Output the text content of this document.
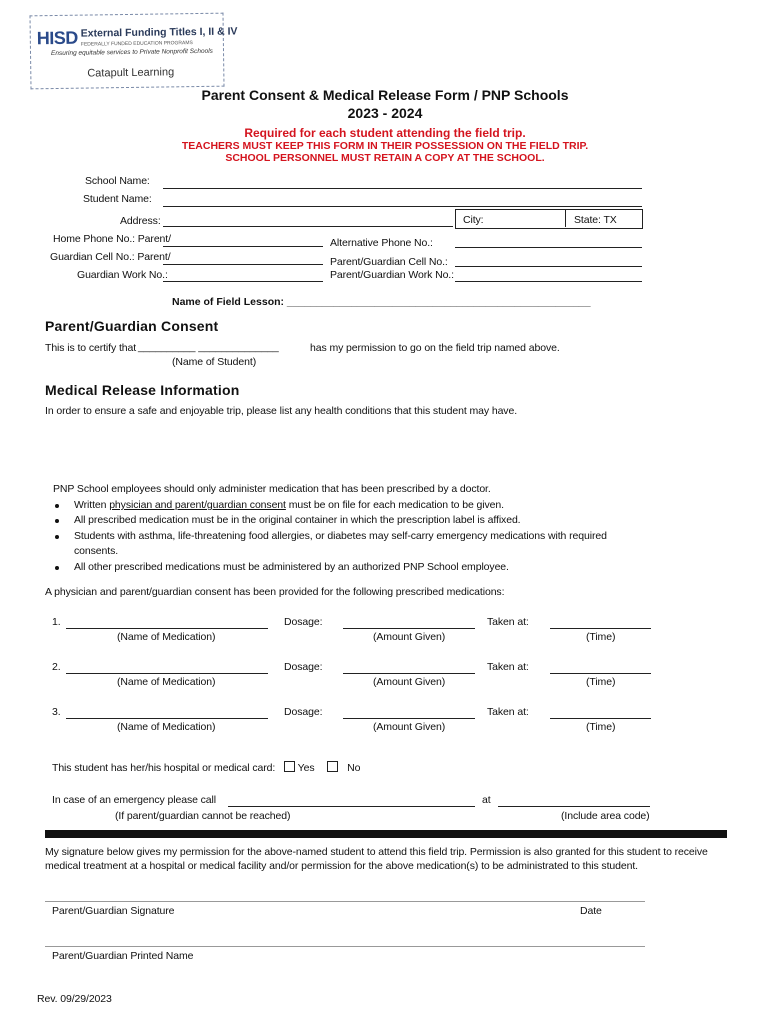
HISD External Funding Titles I, II & IV
FEDERALLY FUNDED EDUCATION PROGRAMS
Ensuring equitable services to Private Nonprofit Schools
Catapult Learning
Parent Consent & Medical Release Form / PNP Schools
2023 - 2024
Required for each student attending the field trip.
TEACHERS MUST KEEP THIS FORM IN THEIR POSSESSION ON THE FIELD TRIP.
SCHOOL PERSONNEL MUST RETAIN A COPY AT THE SCHOOL.
School Name:
Student Name:
Address:	City:	State: TX
Home Phone No.: Parent/	Alternative Phone No.:
Guardian Cell No.: Parent/	Parent/Guardian Cell No.:
Guardian Work No.:	Parent/Guardian Work No.:
Name of Field Lesson: ____________________________________________________
Parent/Guardian Consent
This is to certify that __________ ______________	has my permission to go on the field trip named above.
(Name of Student)
Medical Release Information
In order to ensure a safe and enjoyable trip, please list any health conditions that this student may have.
PNP School employees should only administer medication that has been prescribed by a doctor.
Written physician and parent/guardian consent must be on file for each medication to be given.
All prescribed medication must be in the original container in which the prescription label is affixed.
Students with asthma, life-threatening food allergies, or diabetes may self-carry emergency medications with required
consents.
All other prescribed medications must be administered by an authorized PNP School employee.
A physician and parent/guardian consent has been provided for the following prescribed medications:
1.	Dosage:	Taken at:
(Name of Medication)	(Amount Given)	(Time)
2.	Dosage:	Taken at:
(Name of Medication)	(Amount Given)	(Time)
3.	Dosage:	Taken at:
(Name of Medication)	(Amount Given)	(Time)
This student has her/his hospital or medical card: Yes	No
In case of an emergency please call	at
(If parent/guardian cannot be reached)	(Include area code)
My signature below gives my permission for the above-named student to attend this field trip. Permission is also granted for this student to receive
medical treatment at a hospital or medical facility and/or permission for the above medication(s) to be administrated to this student.
Parent/Guardian Signature	Date
Parent/Guardian Printed Name
Rev. 09/29/2023
